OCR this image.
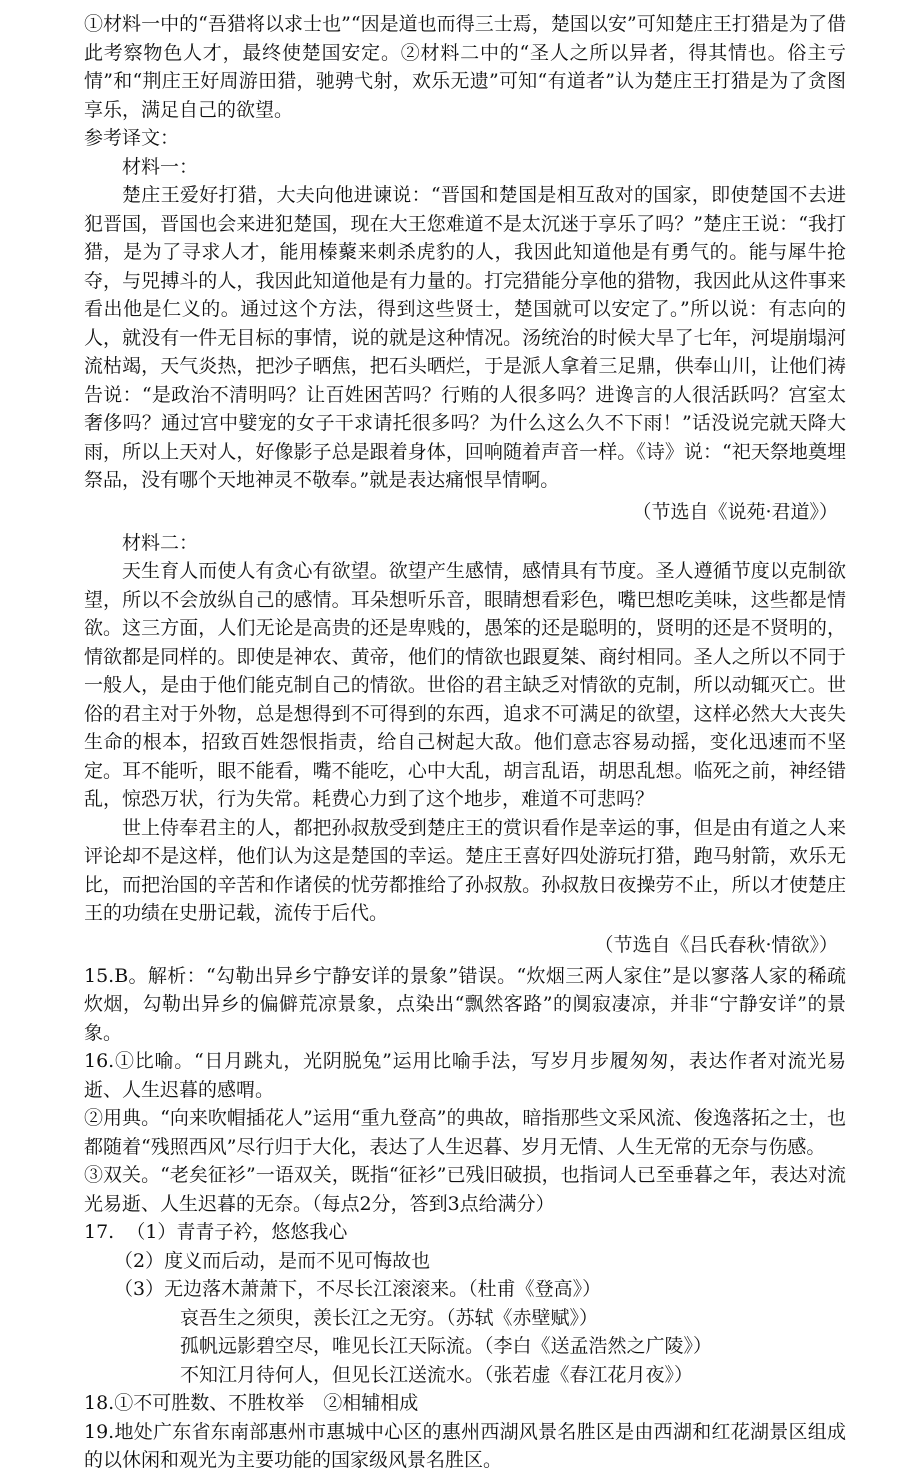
①材料一中的“吾猎将以求士也”“因是道也而得三士焉，楚国以安”可知楚庄王打猎是为了借此考察物色人才，最终使楚国安定。②材料二中的“圣人之所以异者，得其情也。俗主亏情”和“荆庄王好周游田猎，驰骋弋射，欢乐无遗”可知“有道者”认为楚庄王打猎是为了贪图享乐，满足自己的欲望。

参考译文：

材料一：

楚庄王爱好打猎，大夫向他进谏说：“晋国和楚国是相互敌对的国家，即使楚国不去进犯晋国，晋国也会来进犯楚国，现在大王您难道不是太沉迷于享乐了吗？”楚庄王说：“我打猎，是为了寻求人才，能用榛藂来刺杀虎豹的人，我因此知道他是有勇气的。能与犀牛抢夺，与兕搏斗的人，我因此知道他是有力量的。打完猎能分享他的猎物，我因此从这件事来看出他是仁义的。通过这个方法，得到这些贤士，楚国就可以安定了。”所以说：有志向的人，就没有一件无目标的事情，说的就是这种情况。汤统治的时候大旱了七年，河堤崩塌河流枯竭，天气炎热，把沙子晒焦，把石头晒烂，于是派人拿着三足鼎，供奉山川，让他们祷告说：“是政治不清明吗？让百姓困苦吗？行贿的人很多吗？进谗言的人很活跃吗？宫室太奢侈吗？通过宫中嬖宠的女子干求请托很多吗？为什么这么久不下雨！”话没说完就天降大雨，所以上天对人，好像影子总是跟着身体，回响随着声音一样。《诗》说：“祀天祭地奠埋祭品，没有哪个天地神灵不敬奉。”就是表达痛恨旱情啊。

（节选自《说苑·君道》）

材料二：

天生育人而使人有贪心有欲望。欲望产生感情，感情具有节度。圣人遵循节度以克制欲望，所以不会放纵自己的感情。耳朵想听乐音，眼睛想看彩色，嘴巴想吃美味，这些都是情欲。这三方面，人们无论是高贵的还是卑贱的，愚笨的还是聪明的，贤明的还是不贤明的，情欲都是同样的。即使是神农、黄帝，他们的情欲也跟夏桀、商纣相同。圣人之所以不同于一般人，是由于他们能克制自己的情欲。世俗的君主缺乏对情欲的克制，所以动辄灭亡。世俗的君主对于外物，总是想得到不可得到的东西，追求不可满足的欲望，这样必然大大丧失生命的根本，招致百姓怨恨指责，给自己树起大敌。他们意志容易动摇，变化迅速而不坚定。耳不能听，眼不能看，嘴不能吃，心中大乱，胡言乱语，胡思乱想。临死之前，神经错乱，惊恐万状，行为失常。耗费心力到了这个地步，难道不可悲吗？

世上侍奉君主的人，都把孙叔敖受到楚庄王的赏识看作是幸运的事，但是由有道之人来评论却不是这样，他们认为这是楚国的幸运。楚庄王喜好四处游玩打猎，跑马射箭，欢乐无比，而把治国的辛苦和作诸侯的忧劳都推给了孙叔敖。孙叔敖日夜操劳不止，所以才使楚庄王的功绩在史册记载，流传于后代。

（节选自《吕氏春秋·情欲》）

15.B。解析：“勾勒出异乡宁静安详的景象”错误。“炊烟三两人家住”是以寥落人家的稀疏炊烟，勾勒出异乡的偏僻荒凉景象，点染出“飘然客路”的阒寂凄凉，并非“宁静安详”的景象。

16.①比喻。“日月跳丸，光阴脱兔”运用比喻手法，写岁月步履匆匆，表达作者对流光易逝、人生迟暮的感喟。

②用典。“向来吹帽插花人”运用“重九登高”的典故，暗指那些文采风流、俊逸落拓之士，也都随着“残照西风”尽行归于大化，表达了人生迟暮、岁月无情、人生无常的无奈与伤感。

③双关。“老矣征衫”一语双关，既指“征衫”已残旧破损，也指词人已至垂暮之年，表达对流光易逝、人生迟暮的无奈。（每点2分，答到3点给满分）

17. （1）青青子衿，悠悠我心
（2）度义而后动，是而不见可悔故也
（3）无边落木萧萧下，不尽长江滚滚来。（杜甫《登高》）
哀吾生之须臾，羡长江之无穷。（苏轼《赤壁赋》）
孤帆远影碧空尽，唯见长江天际流。（李白《送孟浩然之广陵》）
不知江月待何人，但见长江送流水。（张若虚《春江花月夜》）

18.①不可胜数、不胜枚举　②相辅相成

19.地处广东省东南部惠州市惠城中心区的惠州西湖风景名胜区是由西湖和红花湖景区组成的以休闲和观光为主要功能的国家级风景名胜区。
